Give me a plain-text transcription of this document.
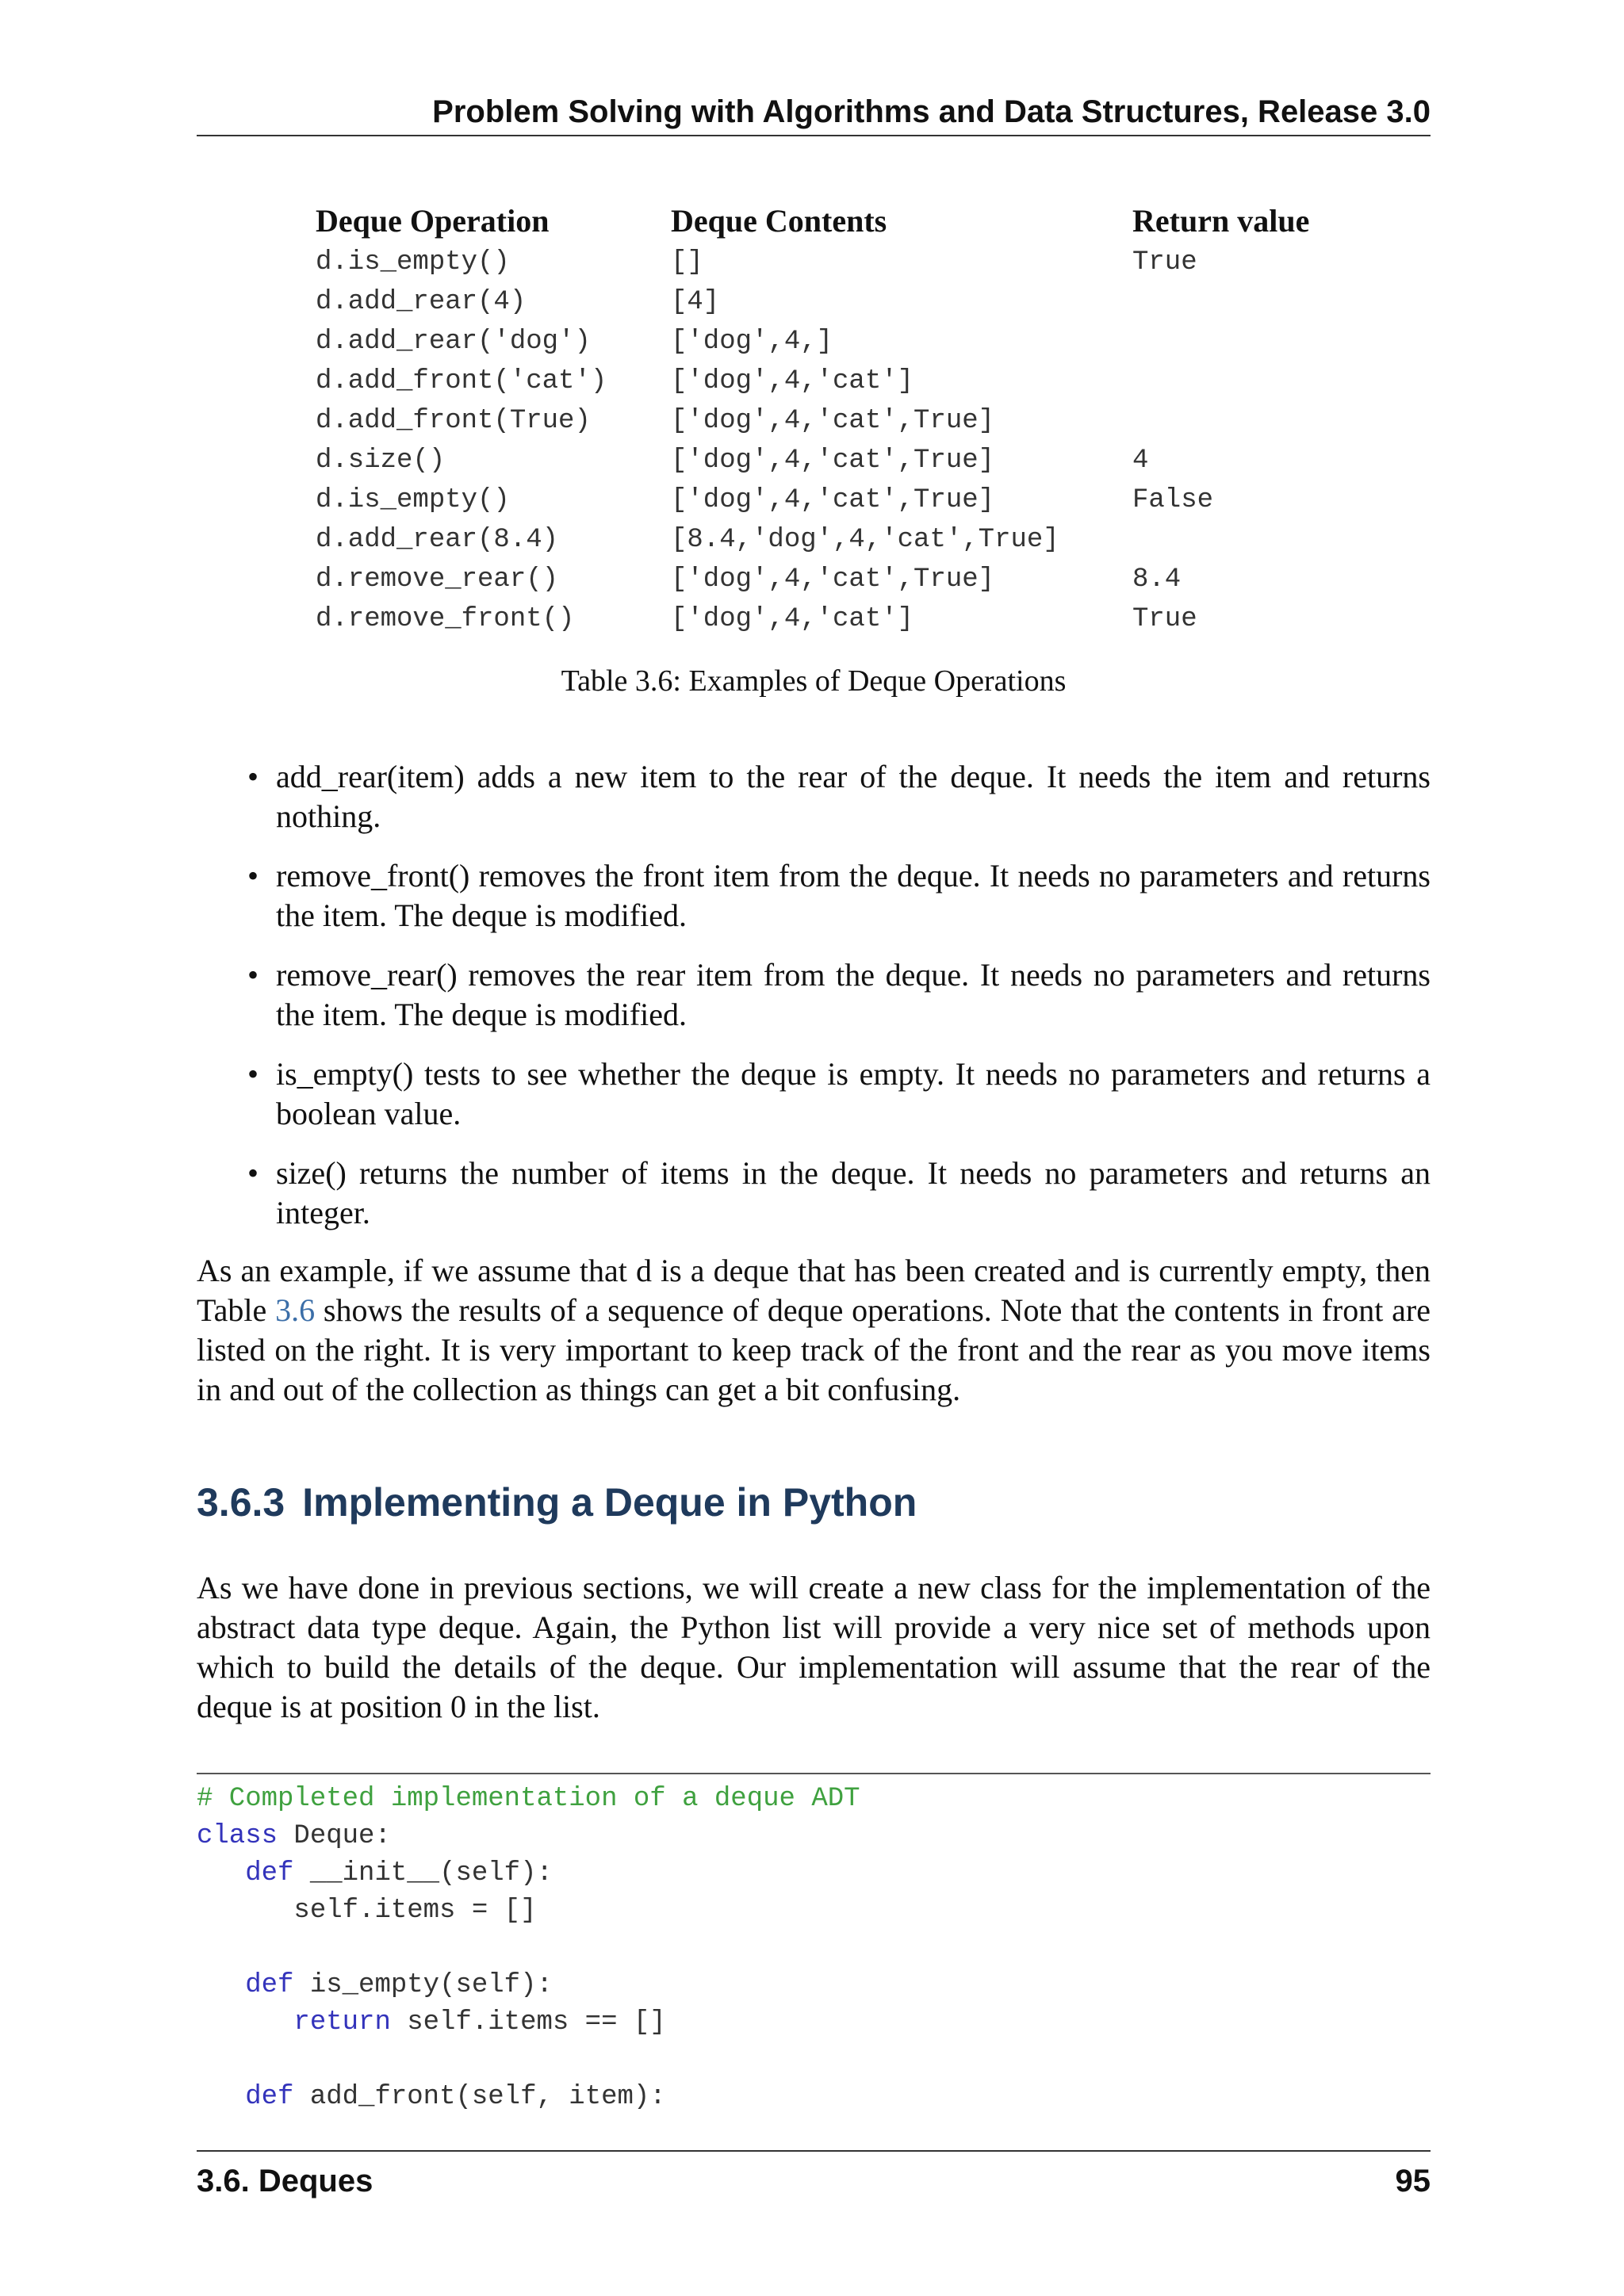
Problem Solving with Algorithms and Data Structures, Release 3.0
Deque Operation	Deque Contents	Return value
d.is_empty()	[]	True
d.add_rear(4)	[4]	
d.add_rear('dog')	['dog',4,]	
d.add_front('cat')	['dog',4,'cat']	
d.add_front(True)	['dog',4,'cat',True]	
d.size()	['dog',4,'cat',True]	4
d.is_empty()	['dog',4,'cat',True]	False
d.add_rear(8.4)	[8.4,'dog',4,'cat',True]	
d.remove_rear()	['dog',4,'cat',True]	8.4
d.remove_front()	['dog',4,'cat']	True
Table 3.6: Examples of Deque Operations
• add_rear(item) adds a new item to the rear of the deque. It needs the item and returns nothing.
• remove_front() removes the front item from the deque. It needs no parameters and returns the item. The deque is modified.
• remove_rear() removes the rear item from the deque. It needs no parameters and returns the item. The deque is modified.
• is_empty() tests to see whether the deque is empty. It needs no parameters and returns a boolean value.
• size() returns the number of items in the deque. It needs no parameters and returns an integer.

As an example, if we assume that d is a deque that has been created and is currently empty, then Table 3.6 shows the results of a sequence of deque operations. Note that the contents in front are listed on the right. It is very important to keep track of the front and the rear as you move items in and out of the collection as things can get a bit confusing.

3.6.3 Implementing a Deque in Python

As we have done in previous sections, we will create a new class for the implementation of the abstract data type deque. Again, the Python list will provide a very nice set of methods upon which to build the details of the deque. Our implementation will assume that the rear of the deque is at position 0 in the list.

# Completed implementation of a deque ADT
class Deque:
def __init__(self):
self.items = []

def is_empty(self):
return self.items == []

def add_front(self, item):
3.6. Deques	95
